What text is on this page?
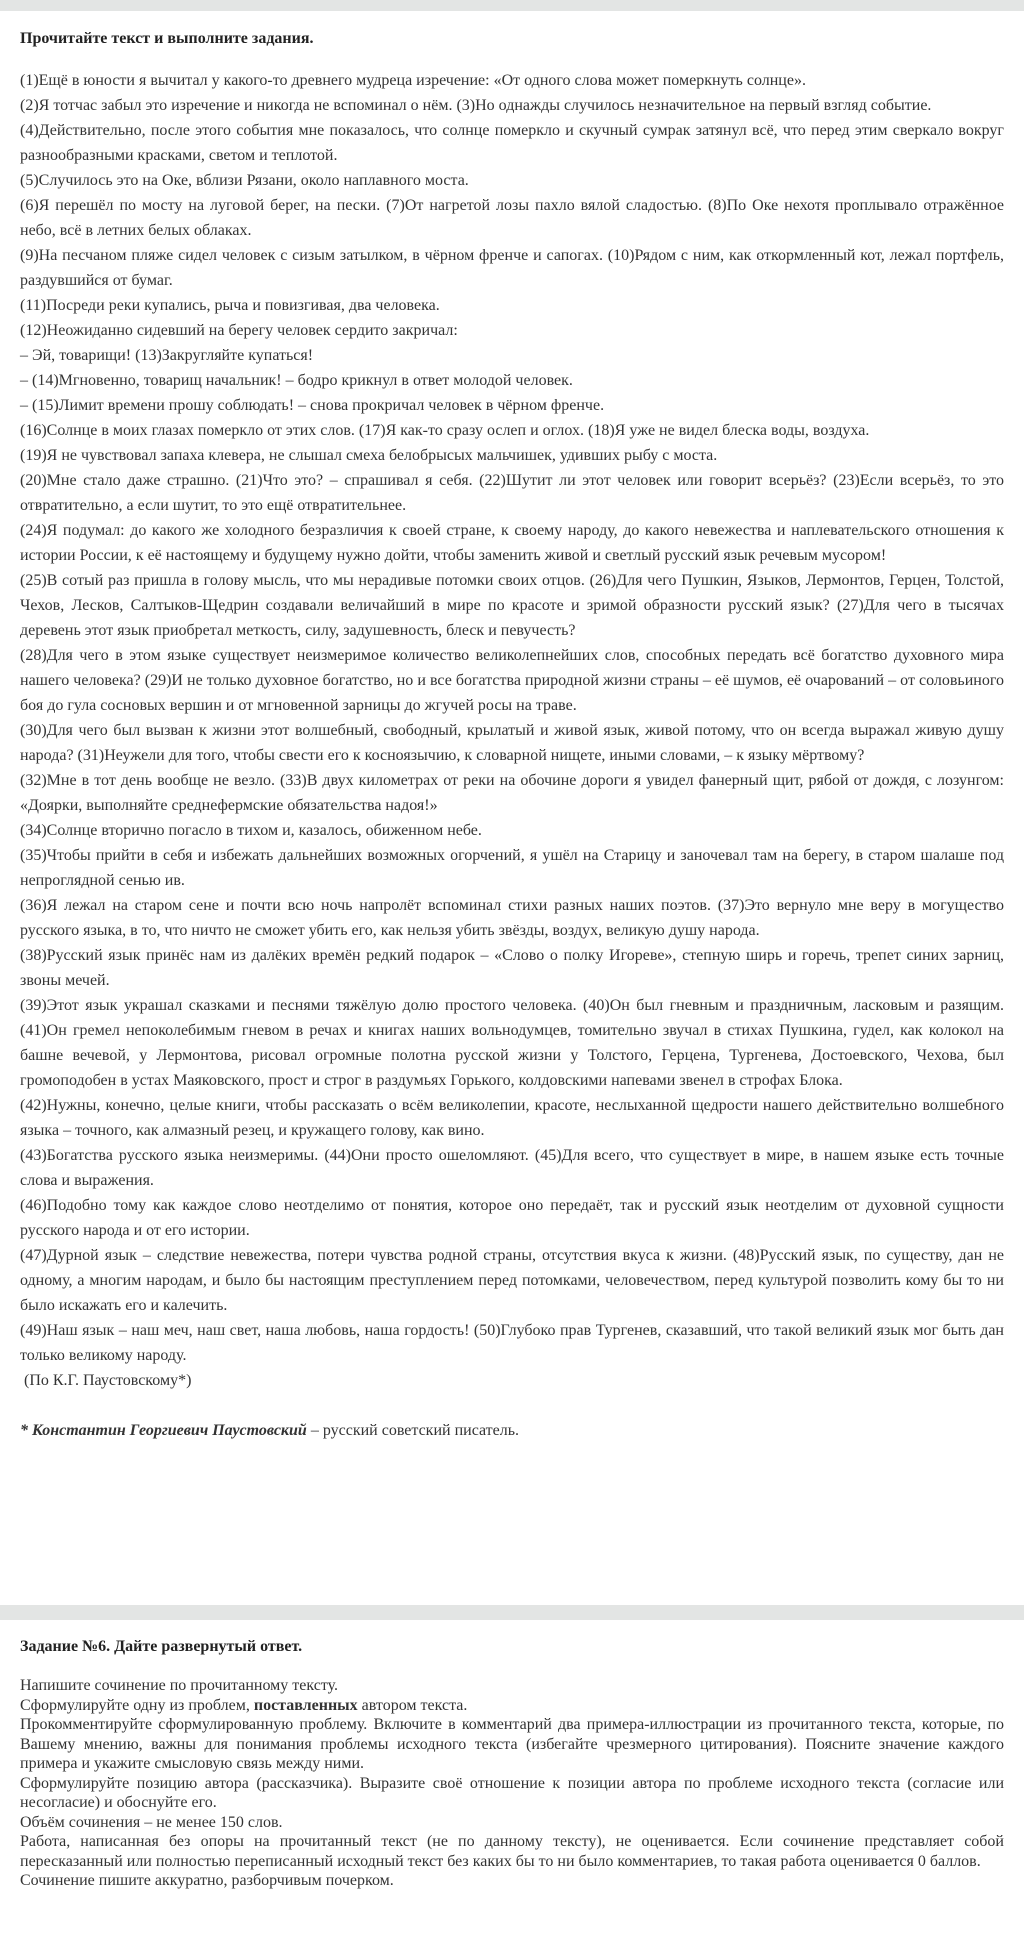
Прочитайте текст и выполните задания.

(1)Ещё в юности я вычитал у какого-то древнего мудреца изречение: «От одного слова может померкнуть солнце».

(2)Я тотчас забыл это изречение и никогда не вспоминал о нём. (3)Но однажды случилось незначительное на первый взгляд событие.

(4)Действительно, после этого события мне показалось, что солнце померкло и скучный сумрак затянул всё, что перед этим сверкало вокруг разнообразными красками, светом и теплотой.

(5)Случилось это на Оке, вблизи Рязани, около наплавного моста.

(6)Я перешёл по мосту на луговой берег, на пески. (7)От нагретой лозы пахло вялой сладостью. (8)По Оке нехотя проплывало отражённое небо, всё в летних белых облаках.

(9)На песчаном пляже сидел человек с сизым затылком, в чёрном френче и сапогах. (10)Рядом с ним, как откормленный кот, лежал портфель, раздувшийся от бумаг.

(11)Посреди реки купались, рыча и повизгивая, два человека.

(12)Неожиданно сидевший на берегу человек сердито закричал:

– Эй, товарищи! (13)Закругляйте купаться!

– (14)Мгновенно, товарищ начальник! – бодро крикнул в ответ молодой человек.

– (15)Лимит времени прошу соблюдать! – снова прокричал человек в чёрном френче.

(16)Солнце в моих глазах померкло от этих слов. (17)Я как-то сразу ослеп и оглох. (18)Я уже не видел блеска воды, воздуха.

(19)Я не чувствовал запаха клевера, не слышал смеха белобрысых мальчишек, удивших рыбу с моста.

(20)Мне стало даже страшно. (21)Что это? – спрашивал я себя. (22)Шутит ли этот человек или говорит всерьёз? (23)Если всерьёз, то это отвратительно, а если шутит, то это ещё отвратительнее.

(24)Я подумал: до какого же холодного безразличия к своей стране, к своему народу, до какого невежества и наплевательского отношения к истории России, к её настоящему и будущему нужно дойти, чтобы заменить живой и светлый русский язык речевым мусором!

(25)В сотый раз пришла в голову мысль, что мы нерадивые потомки своих отцов. (26)Для чего Пушкин, Языков, Лермонтов, Герцен, Толстой, Чехов, Лесков, Салтыков-Щедрин создавали величайший в мире по красоте и зримой образности русский язык? (27)Для чего в тысячах деревень этот язык приобретал меткость, силу, задушевность, блеск и певучесть?

(28)Для чего в этом языке существует неизмеримое количество великолепнейших слов, способных передать всё богатство духовного мира нашего человека? (29)И не только духовное богатство, но и все богатства природной жизни страны – её шумов, её очарований – от соловьиного боя до гула сосновых вершин и от мгновенной зарницы до жгучей росы на траве.

(30)Для чего был вызван к жизни этот волшебный, свободный, крылатый и живой язык, живой потому, что он всегда выражал живую душу народа? (31)Неужели для того, чтобы свести его к косноязычию, к словарной нищете, иными словами, – к языку мёртвому?

(32)Мне в тот день вообще не везло. (33)В двух километрах от реки на обочине дороги я увидел фанерный щит, рябой от дождя, с лозунгом: «Доярки, выполняйте среднефермские обязательства надоя!»

(34)Солнце вторично погасло в тихом и, казалось, обиженном небе.

(35)Чтобы прийти в себя и избежать дальнейших возможных огорчений, я ушёл на Старицу и заночевал там на берегу, в старом шалаше под непроглядной сенью ив.

(36)Я лежал на старом сене и почти всю ночь напролёт вспоминал стихи разных наших поэтов. (37)Это вернуло мне веру в могущество русского языка, в то, что ничто не сможет убить его, как нельзя убить звёзды, воздух, великую душу народа.

(38)Русский язык принёс нам из далёких времён редкий подарок – «Слово о полку Игореве», степную ширь и горечь, трепет синих зарниц, звоны мечей.

(39)Этот язык украшал сказками и песнями тяжёлую долю простого человека. (40)Он был гневным и праздничным, ласковым и разящим. (41)Он гремел непоколебимым гневом в речах и книгах наших вольнодумцев, томительно звучал в стихах Пушкина, гудел, как колокол на башне вечевой, у Лермонтова, рисовал огромные полотна русской жизни у Толстого, Герцена, Тургенева, Достоевского, Чехова, был громоподобен в устах Маяковского, прост и строг в раздумьях Горького, колдовскими напевами звенел в строфах Блока.

(42)Нужны, конечно, целые книги, чтобы рассказать о всём великолепии, красоте, неслыханной щедрости нашего действительно волшебного языка – точного, как алмазный резец, и кружащего голову, как вино.

(43)Богатства русского языка неизмеримы. (44)Они просто ошеломляют. (45)Для всего, что существует в мире, в нашем языке есть точные слова и выражения.

(46)Подобно тому как каждое слово неотделимо от понятия, которое оно передаёт, так и русский язык неотделим от духовной сущности русского народа и от его истории.

(47)Дурной язык – следствие невежества, потери чувства родной страны, отсутствия вкуса к жизни. (48)Русский язык, по существу, дан не одному, а многим народам, и было бы настоящим преступлением перед потомками, человечеством, перед культурой позволить кому бы то ни было искажать его и калечить.

(49)Наш язык – наш меч, наш свет, наша любовь, наша гордость! (50)Глубоко прав Тургенев, сказавший, что такой великий язык мог быть дан только великому народу.

(По К.Г. Паустовскому*)

* Константин Георгиевич Паустовский – русский советский писатель.
Задание №6. Дайте развернутый ответ.

Напишите сочинение по прочитанному тексту.

Сформулируйте одну из проблем, поставленных автором текста.

Прокомментируйте сформулированную проблему. Включите в комментарий два примера-иллюстрации из прочитанного текста, которые, по Вашему мнению, важны для понимания проблемы исходного текста (избегайте чрезмерного цитирования). Поясните значение каждого примера и укажите смысловую связь между ними.

Сформулируйте позицию автора (рассказчика). Выразите своё отношение к позиции автора по проблеме исходного текста (согласие или несогласие) и обоснуйте его.

Объём сочинения – не менее 150 слов.

Работа, написанная без опоры на прочитанный текст (не по данному тексту), не оценивается. Если сочинение представляет собой пересказанный или полностью переписанный исходный текст без каких бы то ни было комментариев, то такая работа оценивается 0 баллов.

Сочинение пишите аккуратно, разборчивым почерком.
